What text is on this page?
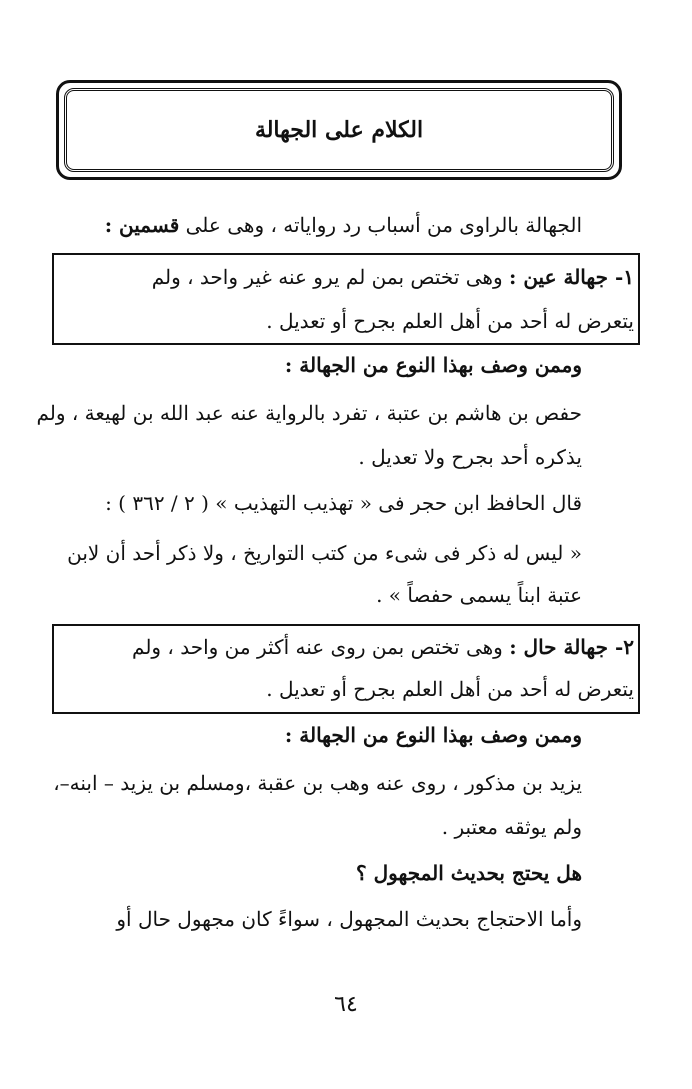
الكلام على الجهالة
الجهالة بالراوى من أسباب رد رواياته ، وهى على قسمين :
١- جهالة عين : وهى تختص بمن لم يرو عنه غير واحد ، ولم
يتعرض له أحد من أهل العلم بجرح أو تعديل .
وممن وصف بهذا النوع من الجهالة :
حفص بن هاشم بن عتبة ، تفرد بالرواية عنه عبد الله بن لهيعة ، ولم
يذكره أحد بجرح ولا تعديل .
قال الحافظ ابن حجر فى « تهذيب التهذيب » ( ٢ / ٣٦٢ ) :
« ليس له ذكر فى شىء من كتب التواريخ ، ولا ذكر أحد أن لابن
عتبة ابناً يسمى حفصاً » .
٢- جهالة حال : وهى تختص بمن روى عنه أكثر من واحد ، ولم
يتعرض له أحد من أهل العلم بجرح أو تعديل .
وممن وصف بهذا النوع من الجهالة :
يزيد بن مذكور ، روى عنه وهب بن عقبة ،ومسلم بن يزيد – ابنه–،
ولم يوثقه معتبر .
هل يحتج بحديث المجهول ؟
وأما الاحتجاج بحديث المجهول ، سواءً كان مجهول حال أو
٦٤
